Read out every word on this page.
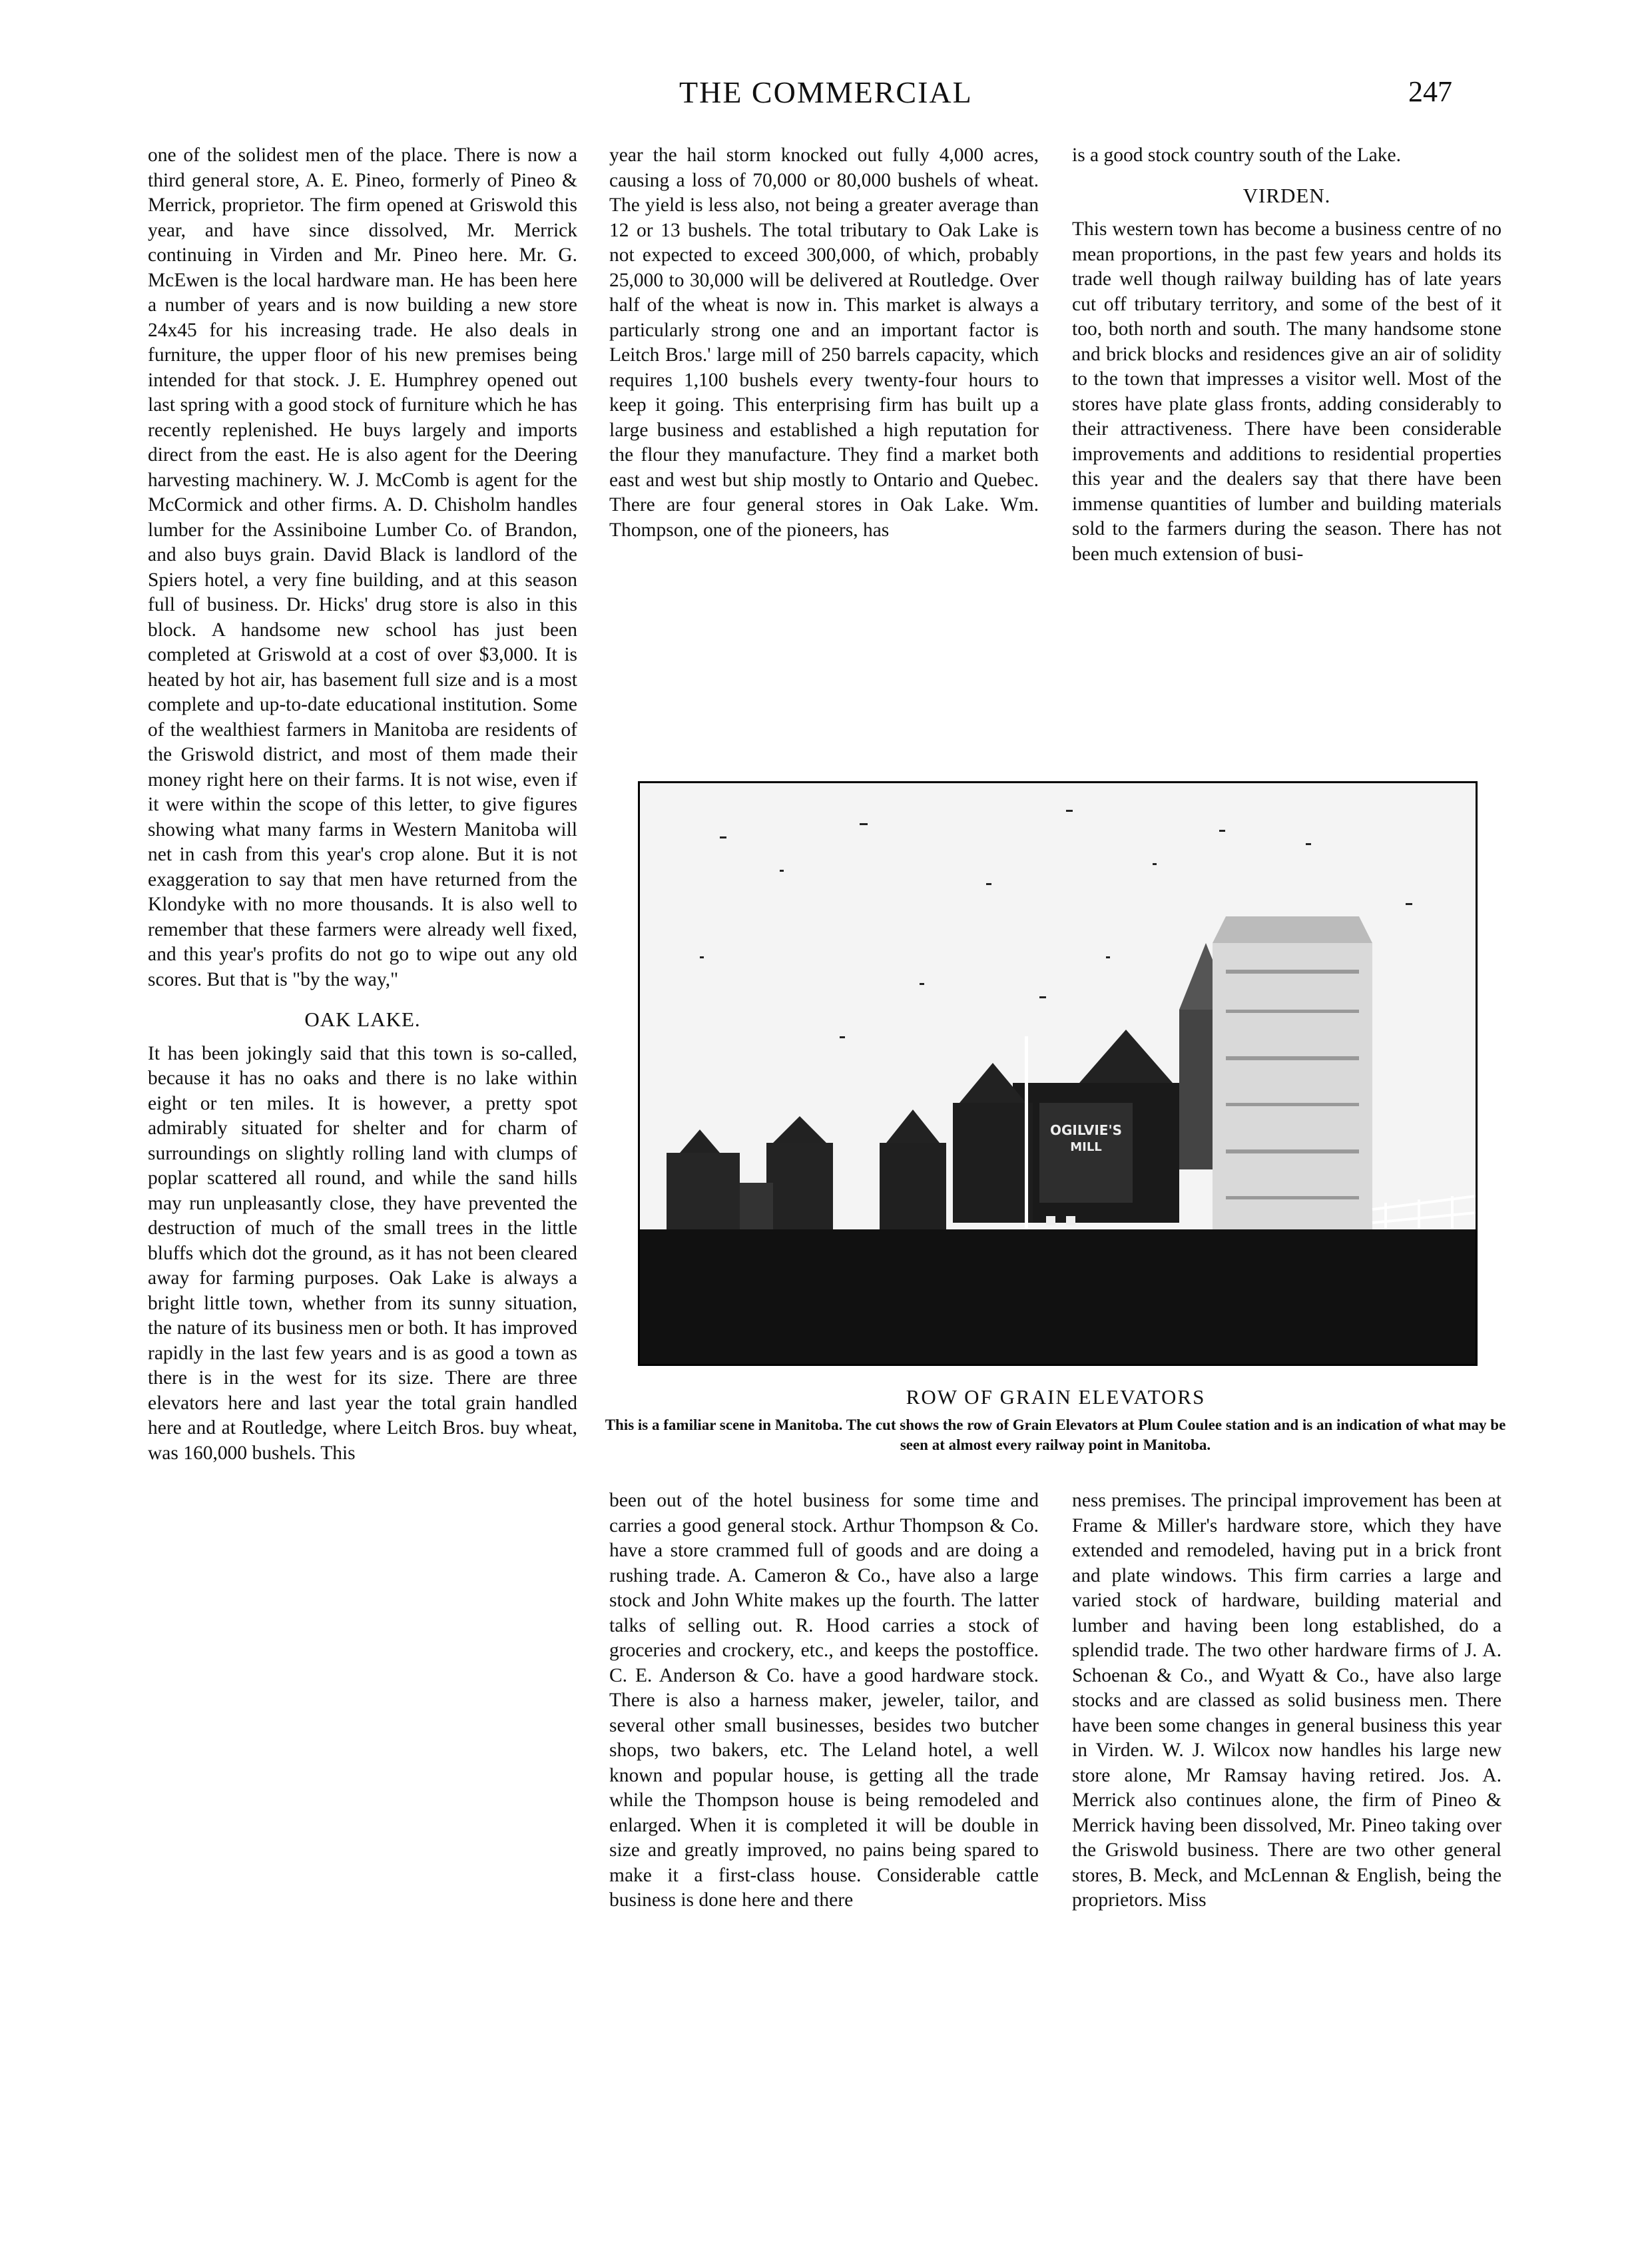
THE COMMERCIAL	247

one of the solidest men of the place. There is now a third general store, A. E. Pineo, formerly of Pineo & Merrick, proprietor. The firm opened at Griswold this year, and have since dissolved, Mr. Merrick continuing in Virden and Mr. Pineo here. Mr. G. McEwen is the local hardware man. He has been here a number of years and is now building a new store 24x45 for his increasing trade. He also deals in furniture, the upper floor of his new premises being intended for that stock. J. E. Humphrey opened out last spring with a good stock of furniture which he has recently replenished. He buys largely and imports direct from the east. He is also agent for the Deering harvesting machinery. W. J. McComb is agent for the McCormick and other firms. A. D. Chisholm handles lumber for the Assiniboine Lumber Co. of Brandon, and also buys grain. David Black is landlord of the Spiers hotel, a very fine building, and at this season full of business. Dr. Hicks' drug store is also in this block. A handsome new school has just been completed at Griswold at a cost of over $3,000. It is heated by hot air, has basement full size and is a most complete and up-to-date educational institution. Some of the wealthiest farmers in Manitoba are residents of the Griswold district, and most of them made their money right here on their farms. It is not wise, even if it were within the scope of this letter, to give figures showing what many farms in Western Manitoba will net in cash from this year's crop alone. But it is not exaggeration to say that men have returned from the Klondyke with no more thousands. It is also well to remember that these farmers were already well fixed, and this year's profits do not go to wipe out any old scores. But that is "by the way,"

OAK LAKE.

It has been jokingly said that this town is so-called, because it has no oaks and there is no lake within eight or ten miles. It is however, a pretty spot admirably situated for shelter and for charm of surroundings on slightly rolling land with clumps of poplar scattered all round, and while the sand hills may run unpleasantly close, they have prevented the destruction of much of the small trees in the little bluffs which dot the ground, as it has not been cleared away for farming purposes. Oak Lake is always a bright little town, whether from its sunny situation, the nature of its business men or both. It has improved rapidly in the last few years and is as good a town as there is in the west for its size. There are three elevators here and last year the total grain handled here and at Routledge, where Leitch Bros. buy wheat, was 160,000 bushels. This

year the hail storm knocked out fully 4,000 acres, causing a loss of 70,000 or 80,000 bushels of wheat. The yield is less also, not being a greater average than 12 or 13 bushels. The total tributary to Oak Lake is not expected to exceed 300,000, of which, probably 25,000 to 30,000 will be delivered at Routledge. Over half of the wheat is now in. This market is always a particularly strong one and an important factor is Leitch Bros.' large mill of 250 barrels capacity, which requires 1,100 bushels every twenty-four hours to keep it going. This enterprising firm has built up a large business and established a high reputation for the flour they manufacture. They find a market both east and west but ship mostly to Ontario and Quebec. There are four general stores in Oak Lake. Wm. Thompson, one of the pioneers, has

is a good stock country south of the Lake.

VIRDEN.

This western town has become a business centre of no mean proportions, in the past few years and holds its trade well though railway building has of late years cut off tributary territory, and some of the best of it too, both north and south. The many handsome stone and brick blocks and residences give an air of solidity to the town that impresses a visitor well. Most of the stores have plate glass fronts, adding considerably to their attractiveness. There have been considerable improvements and additions to residential properties this year and the dealers say that there have been immense quantities of lumber and building materials sold to the farmers during the season. There has not been much extension of busi-

OGILVIE'S
MILL
ROW OF GRAIN ELEVATORS
This is a familiar scene in Manitoba. The cut shows the row of Grain Elevators at Plum Coulee station and is an indication of what may be seen at almost every railway point in Manitoba.

been out of the hotel business for some time and carries a good general stock. Arthur Thompson & Co. have a store crammed full of goods and are doing a rushing trade. A. Cameron & Co., have also a large stock and John White makes up the fourth. The latter talks of selling out. R. Hood carries a stock of groceries and crockery, etc., and keeps the postoffice. C. E. Anderson & Co. have a good hardware stock. There is also a harness maker, jeweler, tailor, and several other small businesses, besides two butcher shops, two bakers, etc. The Leland hotel, a well known and popular house, is getting all the trade while the Thompson house is being remodeled and enlarged. When it is completed it will be double in size and greatly improved, no pains being spared to make it a first-class house. Considerable cattle business is done here and there

ness premises. The principal improvement has been at Frame & Miller's hardware store, which they have extended and remodeled, having put in a brick front and plate windows. This firm carries a large and varied stock of hardware, building material and lumber and having been long established, do a splendid trade. The two other hardware firms of J. A. Schoenan & Co., and Wyatt & Co., have also large stocks and are classed as solid business men. There have been some changes in general business this year in Virden. W. J. Wilcox now handles his large new store alone, Mr Ramsay having retired. Jos. A. Merrick also continues alone, the firm of Pineo & Merrick having been dissolved, Mr. Pineo taking over the Griswold business. There are two other general stores, B. Meck, and McLennan & English, being the proprietors. Miss
